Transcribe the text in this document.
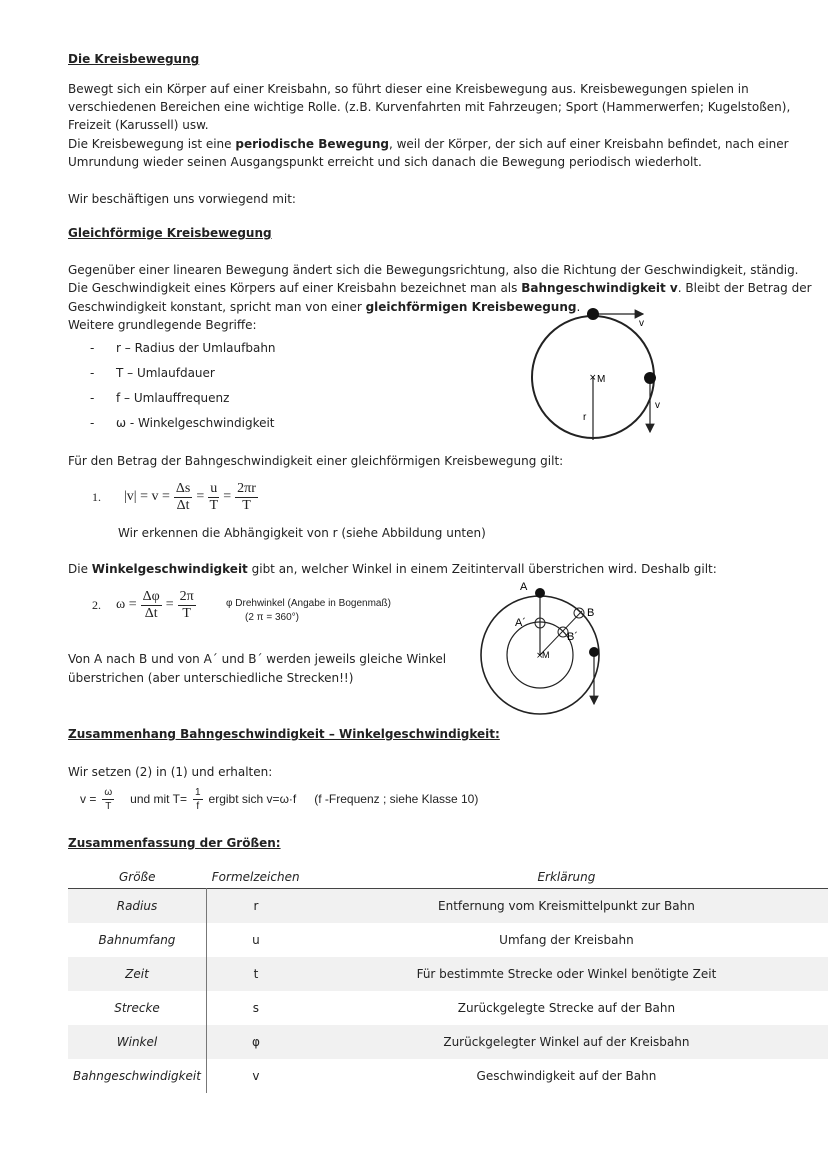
Die Kreisbewegung
Bewegt sich ein Körper auf einer Kreisbahn, so führt dieser eine Kreisbewegung aus. Kreisbewegungen spielen in
verschiedenen Bereichen eine wichtige Rolle. (z.B. Kurvenfahrten mit Fahrzeugen; Sport (Hammerwerfen; Kugelstoßen),
Freizeit (Karussell) usw.
Die Kreisbewegung ist eine periodische Bewegung, weil der Körper, der sich auf einer Kreisbahn befindet, nach einer
Umrundung wieder seinen Ausgangspunkt erreicht und sich danach die Bewegung periodisch wiederholt.
Wir beschäftigen uns vorwiegend mit:
Gleichförmige Kreisbewegung
Gegenüber einer linearen Bewegung ändert sich die Bewegungsrichtung, also die Richtung der Geschwindigkeit, ständig.
Die Geschwindigkeit eines Körpers auf einer Kreisbahn bezeichnet man als Bahngeschwindigkeit v. Bleibt der Betrag der
Geschwindigkeit konstant, spricht man von einer gleichförmigen Kreisbewegung.
Weitere grundlegende Begriffe:
- r – Radius der Umlaufbahn
- T – Umlaufdauer
- f – Umlauffrequenz
- ω - Winkelgeschwindigkeit
× M
r
v
v
Für den Betrag der Bahngeschwindigkeit einer gleichförmigen Kreisbewegung gilt:
1.	$|v| = v = \frac{\Delta s}{\Delta t} = \frac{u}{T} = \frac{2\pi r}{T}$
Wir erkennen die Abhängigkeit von r (siehe Abbildung unten)
Die Winkelgeschwindigkeit gibt an, welcher Winkel in einem Zeitintervall überstrichen wird. Deshalb gilt:
2.	$\omega = \frac{\Delta\varphi}{\Delta t} = \frac{2\pi}{T}$	φ Drehwinkel (Angabe in Bogenmaß)
(2 π = 360°)
Von A nach B und von A´ und B´ werden jeweils gleiche Winkel
überstrichen (aber unterschiedliche Strecken!!)
×
M
A
A´
B
B´
Zusammenhang Bahngeschwindigkeit – Winkelgeschwindigkeit:
Wir setzen (2) in (1) und erhalten:
$v = \frac{\omega}{T}$ und mit $T= \frac{1}{f}$ ergibt sich v=ω·f (f -Frequenz ; siehe Klasse 10)
Zusammenfassung der Größen:
Größe	Formelzeichen	Erklärung
Radius	r	Entfernung vom Kreismittelpunkt zur Bahn
Bahnumfang	u	Umfang der Kreisbahn
Zeit	t	Für bestimmte Strecke oder Winkel benötigte Zeit
Strecke	s	Zurückgelegte Strecke auf der Bahn
Winkel	φ	Zurückgelegter Winkel auf der Kreisbahn
Bahngeschwindigkeit	v	Geschwindigkeit auf der Bahn
